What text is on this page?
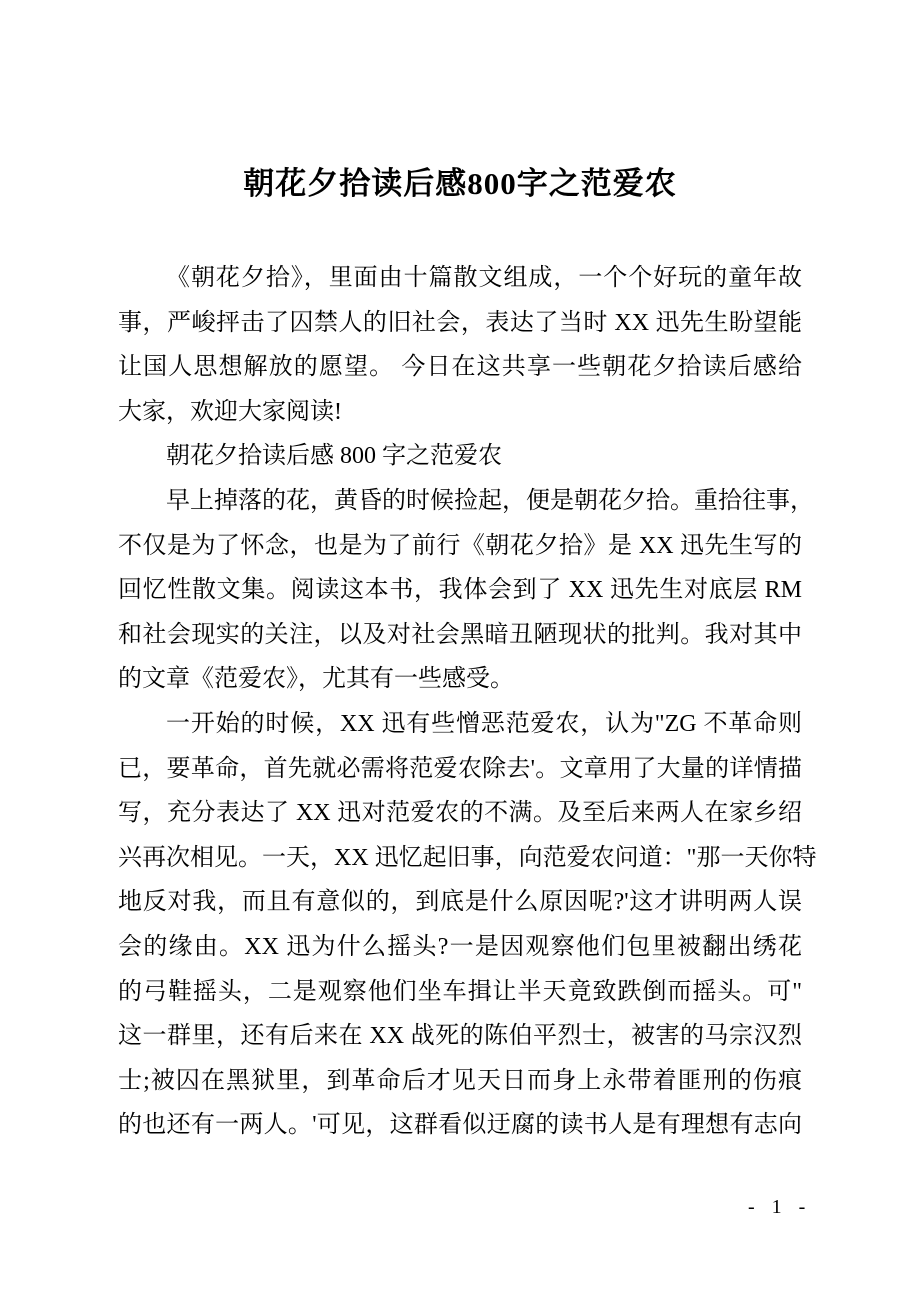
朝花夕拾读后感800字之范爱农
《朝花夕拾》，里面由十篇散文组成，一个个好玩的童年故
事，严峻抨击了囚禁人的旧社会，表达了当时 XX 迅先生盼望能
让国人思想解放的愿望。 今日在这共享一些朝花夕拾读后感给
大家，欢迎大家阅读!
朝花夕拾读后感 800 字之范爱农
早上掉落的花，黄昏的时候捡起，便是朝花夕拾。重拾往事，
不仅是为了怀念，也是为了前行《朝花夕拾》是 XX 迅先生写的
回忆性散文集。阅读这本书，我体会到了 XX 迅先生对底层 RM
和社会现实的关注，以及对社会黑暗丑陋现状的批判。我对其中
的文章《范爱农》，尤其有一些感受。
一开始的时候，XX 迅有些憎恶范爱农，认为"ZG 不革命则
已，要革命，首先就必需将范爱农除去'。文章用了大量的详情描
写，充分表达了 XX 迅对范爱农的不满。及至后来两人在家乡绍
兴再次相见。一天，XX 迅忆起旧事，向范爱农问道："那一天你特
地反对我，而且有意似的，到底是什么原因呢?'这才讲明两人误
会的缘由。XX 迅为什么摇头?一是因观察他们包里被翻出绣花
的弓鞋摇头，二是观察他们坐车揖让半天竟致跌倒而摇头。可"
这一群里，还有后来在 XX 战死的陈伯平烈士，被害的马宗汉烈
士;被囚在黑狱里，到革命后才见天日而身上永带着匪刑的伤痕
的也还有一两人。'可见，这群看似迂腐的读书人是有理想有志向
- 1 -
